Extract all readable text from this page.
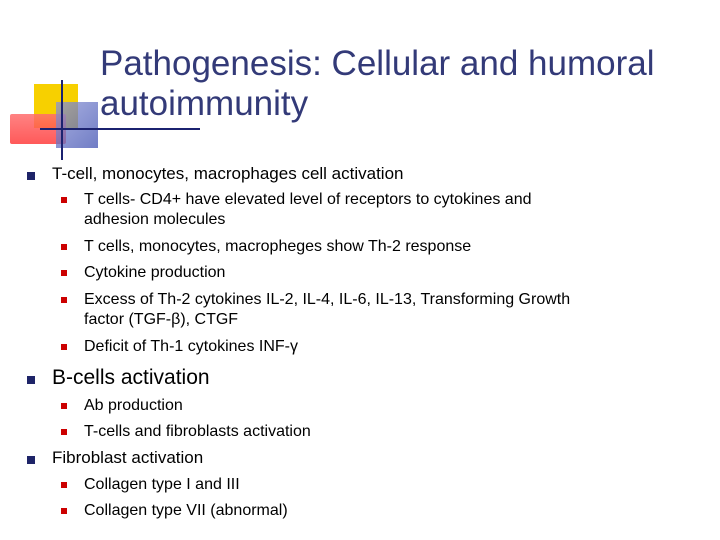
Pathogenesis: Cellular and humoral autoimmunity
T-cell, monocytes, macrophages cell activation
T cells- CD4+ have elevated level of receptors to cytokines and
adhesion molecules
T cells, monocytes, macropheges show Th-2 response
Cytokine production
Excess of Th-2 cytokines IL-2, IL-4, IL-6, IL-13, Transforming Growth
factor (TGF-β), CTGF
Deficit of Th-1 cytokines INF-γ
B-cells activation
Ab production
T-cells and fibroblasts activation
Fibroblast activation
Collagen type I and III
Collagen type VII (abnormal)
